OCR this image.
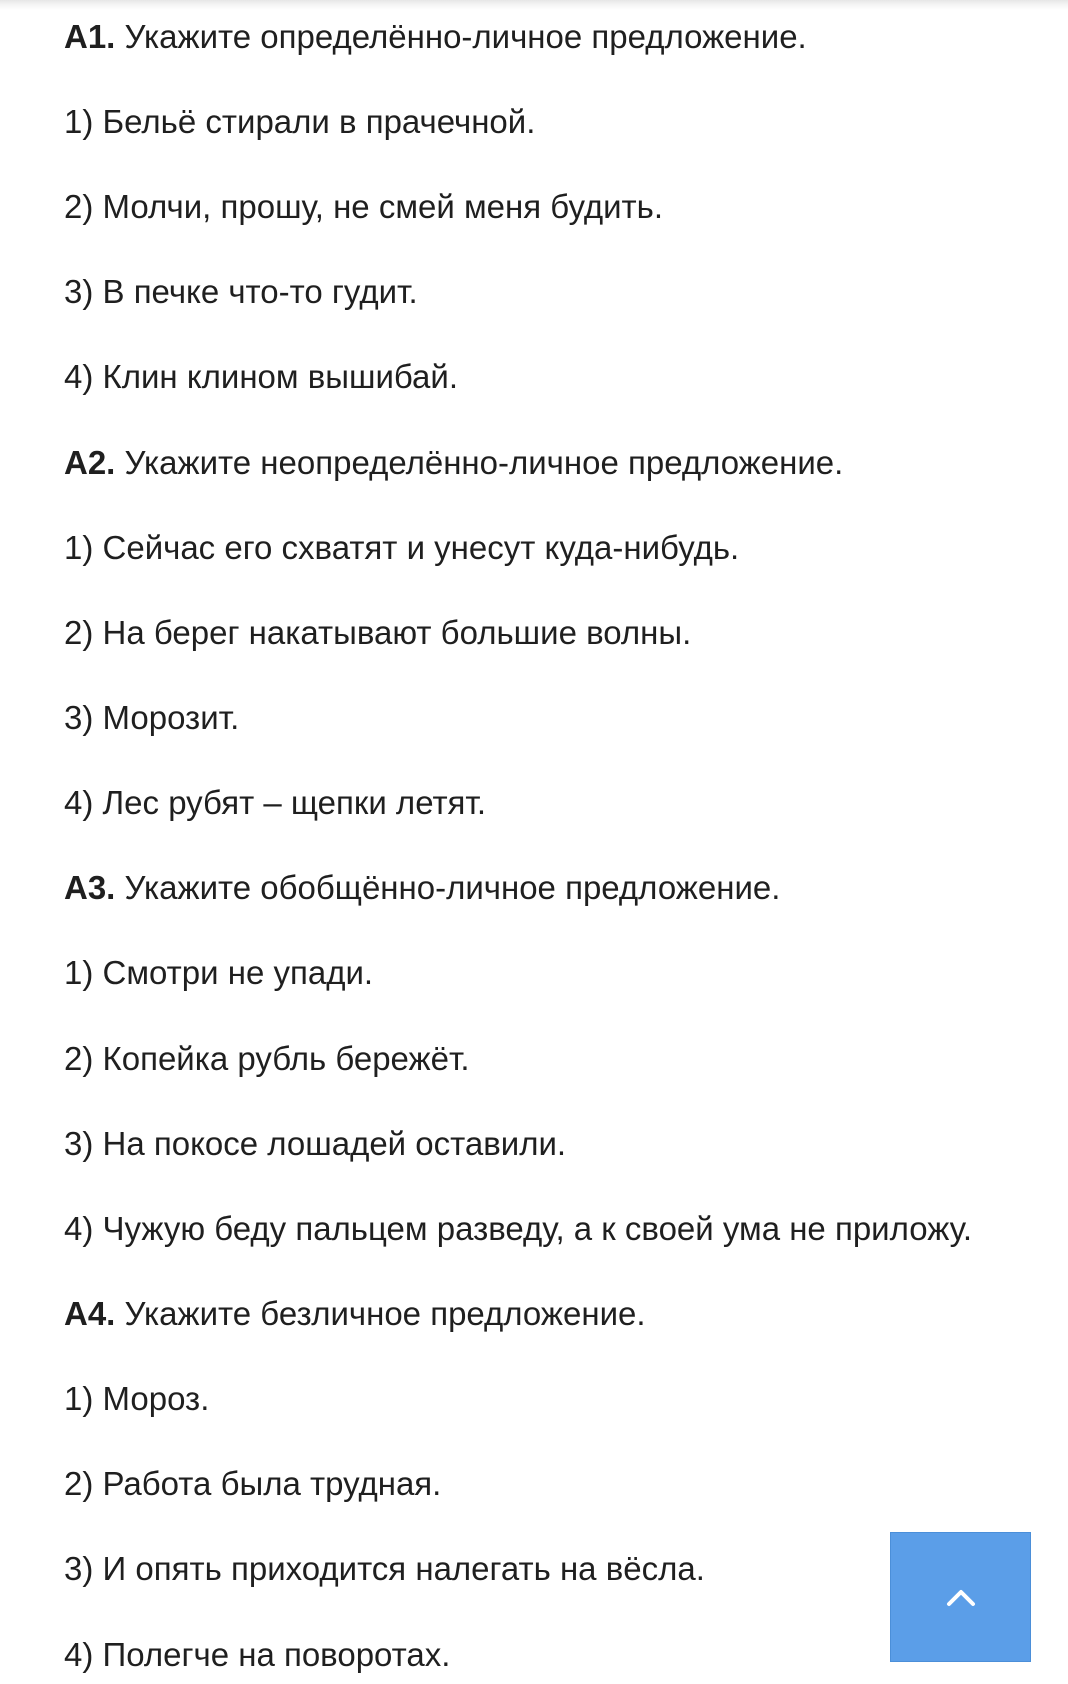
А1. Укажите определённо-личное предложение.
1) Бельё стирали в прачечной.
2) Молчи, прошу, не смей меня будить.
3) В печке что-то гудит.
4) Клин клином вышибай.
А2. Укажите неопределённо-личное предложение.
1) Сейчас его схватят и унесут куда-нибудь.
2) На берег накатывают большие волны.
3) Морозит.
4) Лес рубят – щепки летят.
А3. Укажите обобщённо-личное предложение.
1) Смотри не упади.
2) Копейка рубль бережёт.
3) На покосе лошадей оставили.
4) Чужую беду пальцем разведу, а к своей ума не приложу.
А4. Укажите безличное предложение.
1) Мороз.
2) Работа была трудная.
3) И опять приходится налегать на вёсла.
4) Полегче на поворотах.
